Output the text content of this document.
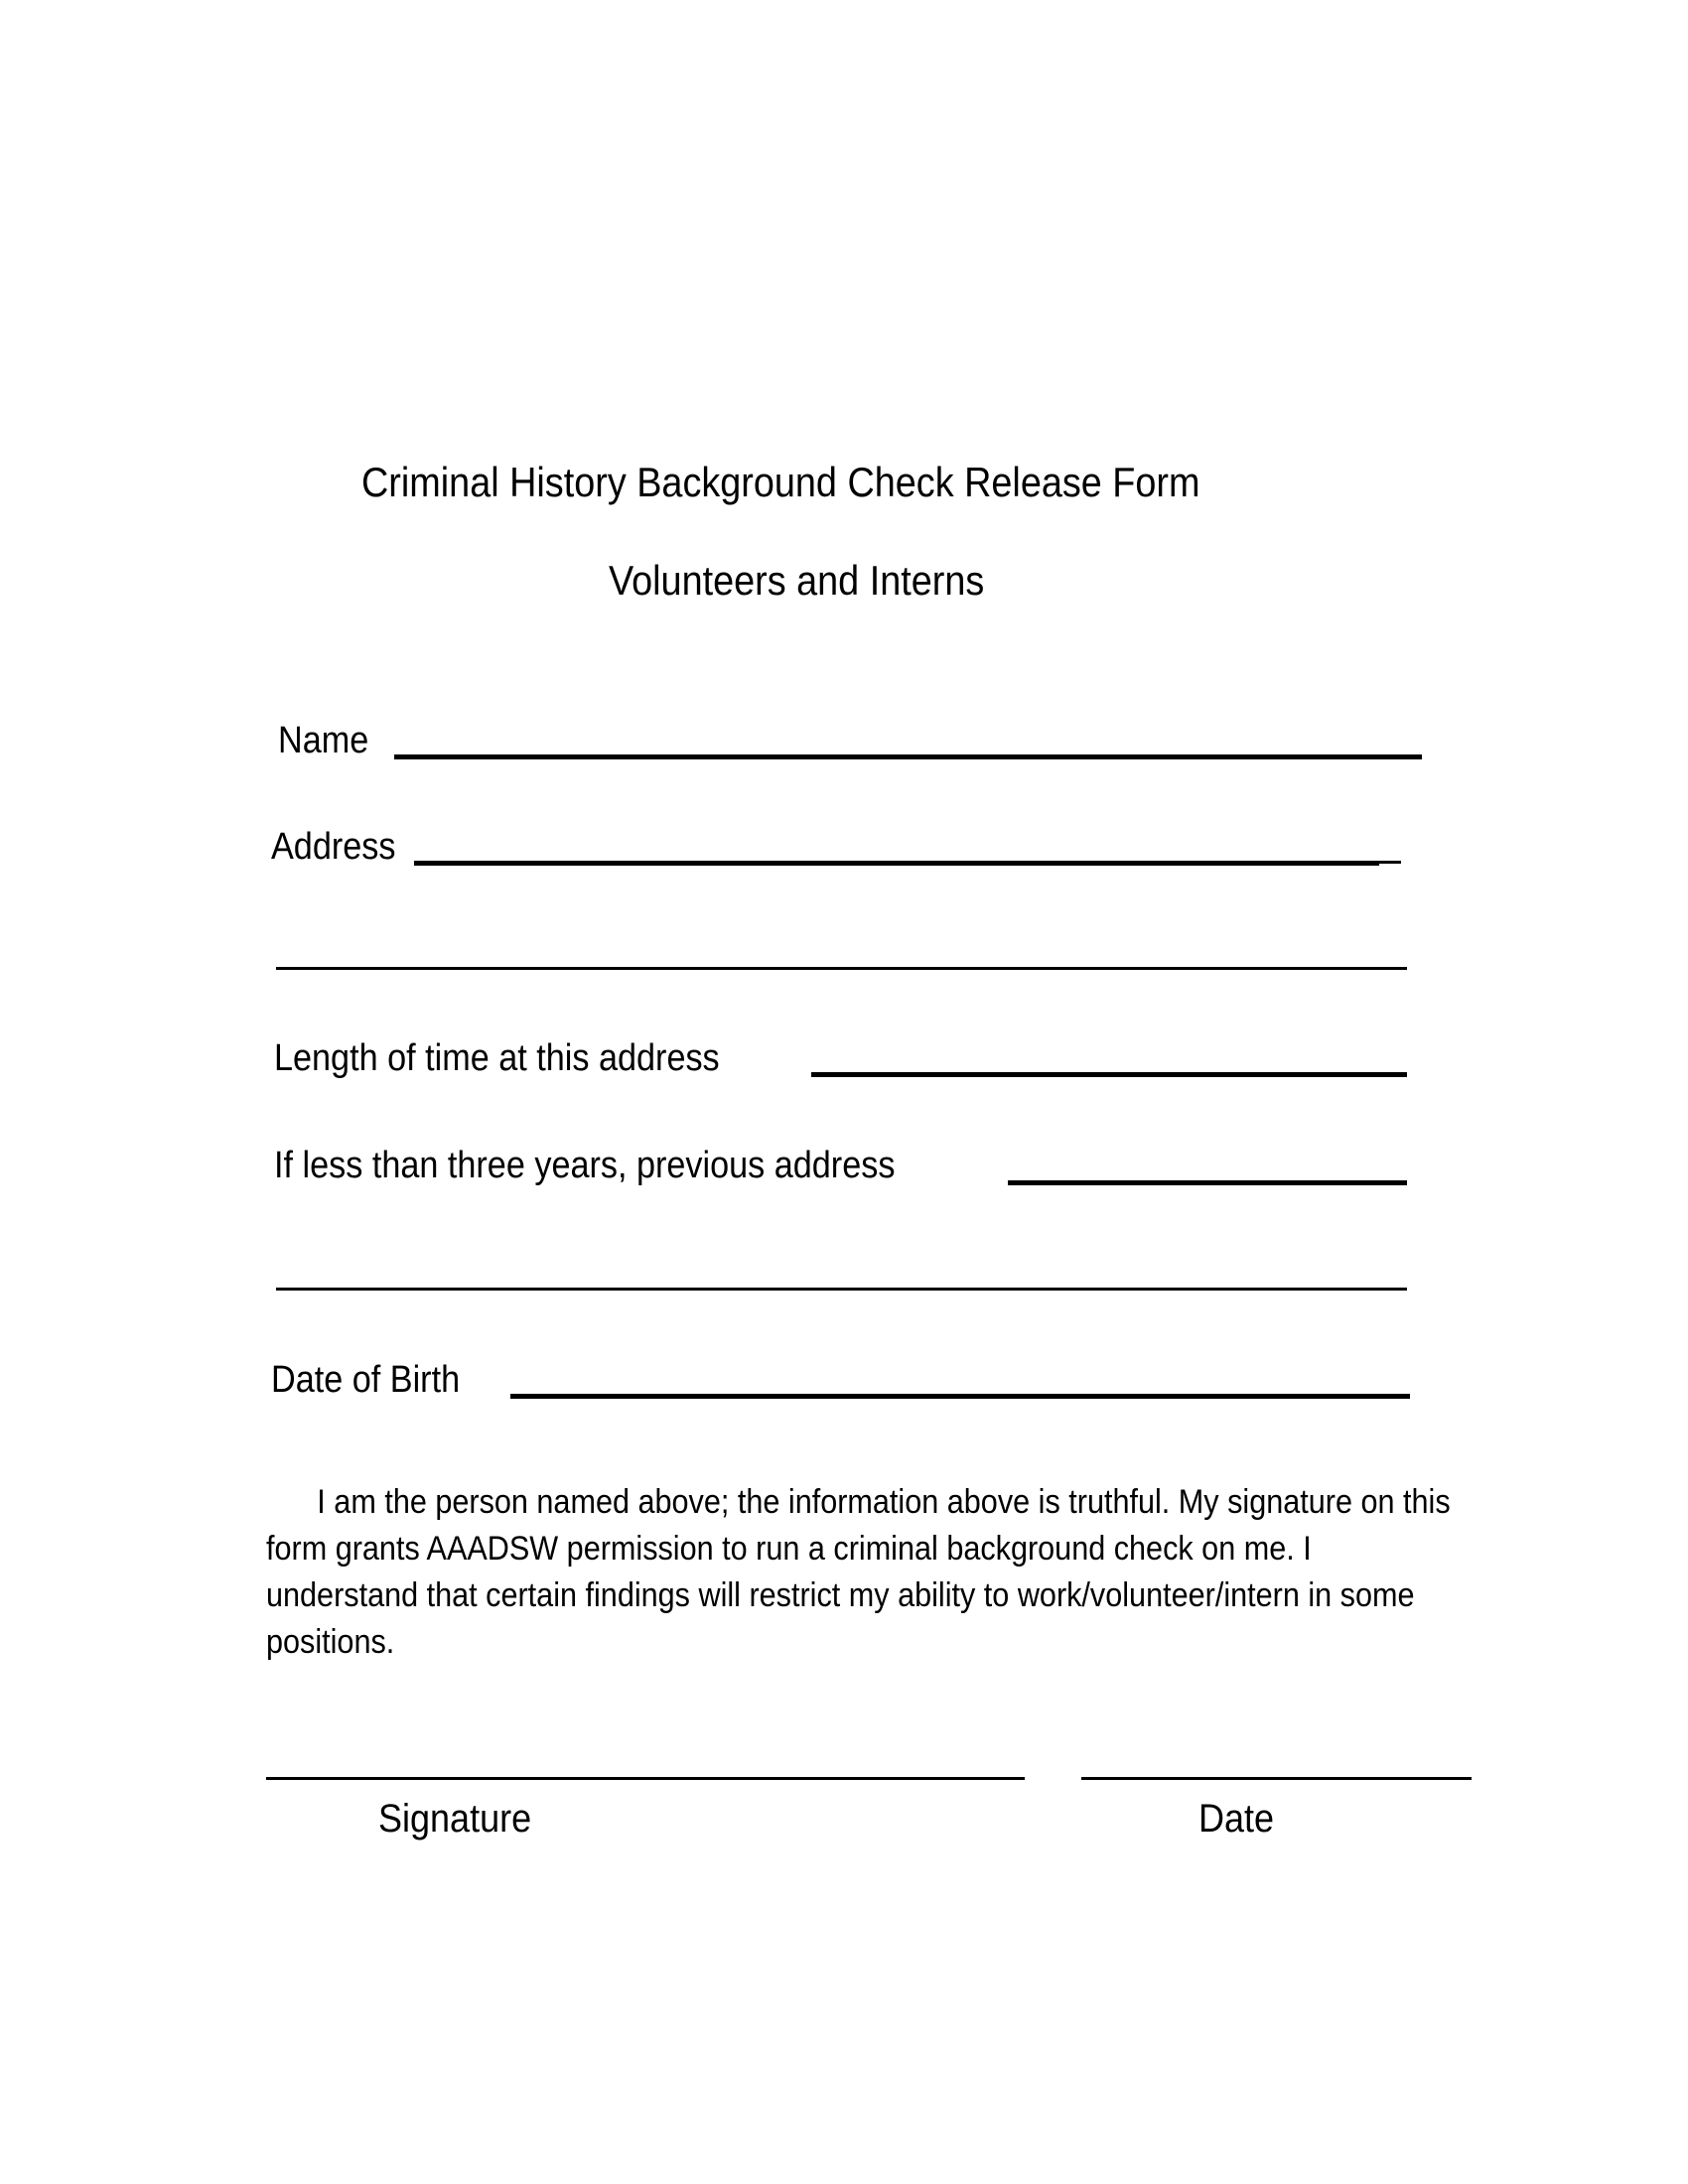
Criminal History Background Check Release Form
Volunteers and Interns
Name
Address
Length of time at this address
If less than three years, previous address
Date of Birth
I am the person named above; the information above is truthful. My signature on this form grants AAADSW permission to run a criminal background check on me. I understand that certain findings will restrict my ability to work/volunteer/intern in some positions.
Signature	Date
